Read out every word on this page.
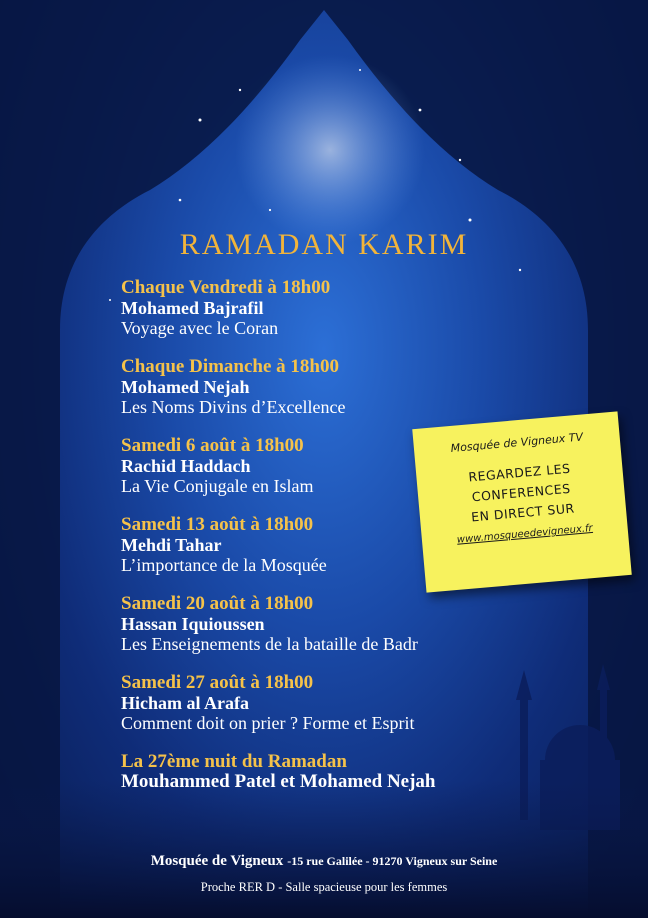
RAMADAN KARIM
Chaque Vendredi à 18h00
Mohamed Bajrafil
Voyage avec le Coran
Chaque Dimanche à 18h00
Mohamed Nejah
Les Noms Divins d’Excellence
Samedi 6 août à 18h00
Rachid Haddach
La Vie Conjugale en Islam
Samedi 13 août à 18h00
Mehdi Tahar
L’importance de la Mosquée
Samedi 20 août à 18h00
Hassan Iquioussen
Les Enseignements de la bataille de Badr
Samedi 27 août à 18h00
Hicham al Arafa
Comment doit on prier ? Forme et Esprit
La 27ème nuit du Ramadan
Mouhammed Patel et Mohamed Nejah
Mosquée de Vigneux TV
REGARDEZ LES
CONFERENCES
EN DIRECT SUR
www.mosqueedevigneux.fr
Mosquée de Vigneux -15 rue Galilée - 91270 Vigneux sur Seine
Proche RER D - Salle spacieuse pour les femmes
